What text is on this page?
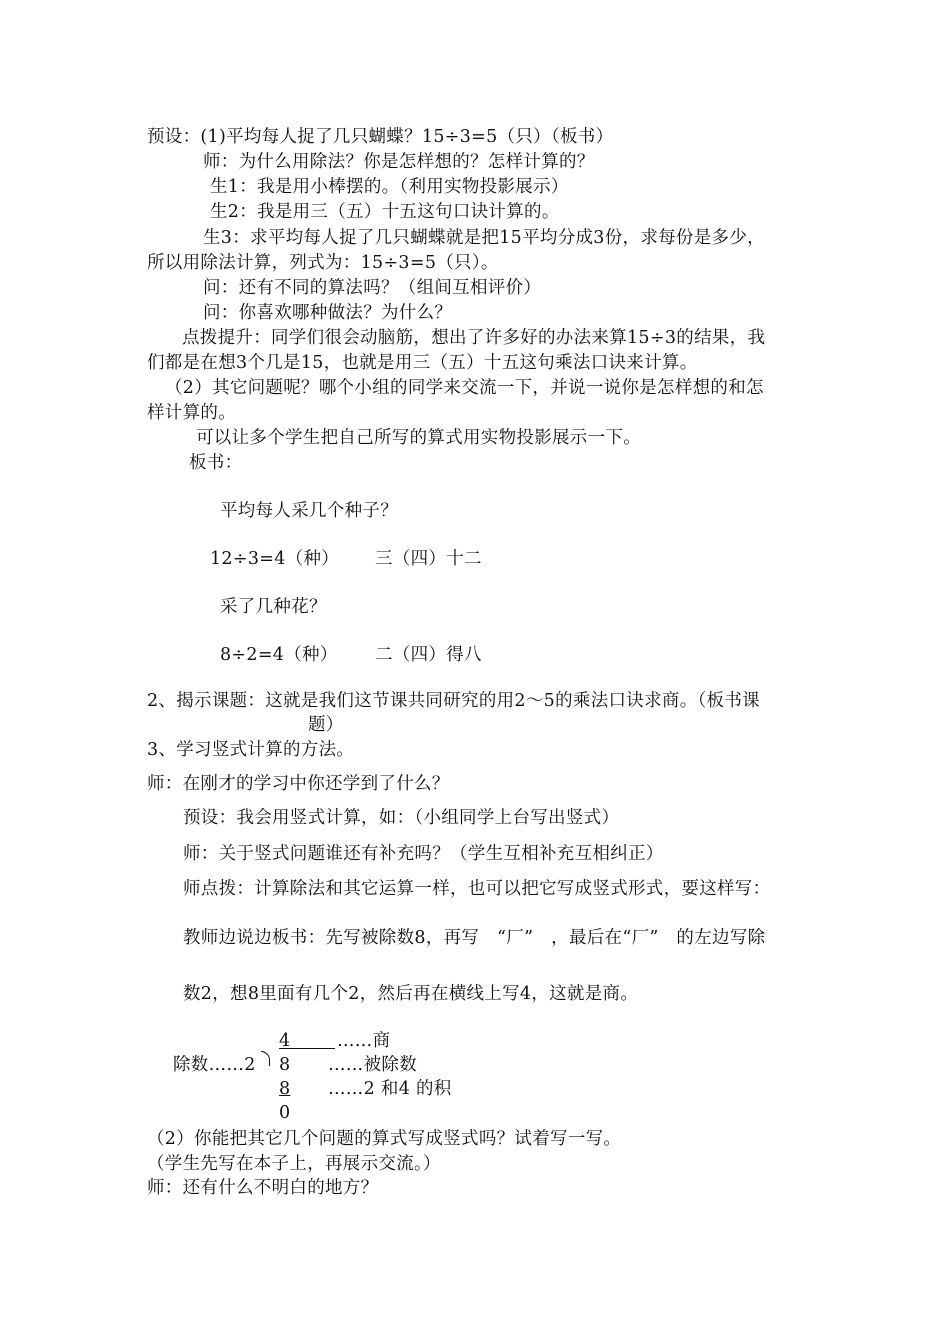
预设：(1)平均每人捉了几只蝴蝶？15÷3=5（只）（板书）
师：为什么用除法？你是怎样想的？怎样计算的？
生1：我是用小棒摆的。（利用实物投影展示）
生2：我是用三（五）十五这句口诀计算的。
生3：求平均每人捉了几只蝴蝶就是把15平均分成3份，求每份是多少，
所以用除法计算，列式为：15÷3=5（只）。
问：还有不同的算法吗？（组间互相评价）
问：你喜欢哪种做法？为什么？
点拨提升：同学们很会动脑筋，想出了许多好的办法来算15÷3的结果，我
们都是在想3个几是15，也就是用三（五）十五这句乘法口诀来计算。
（2）其它问题呢？哪个小组的同学来交流一下，并说一说你是怎样想的和怎
样计算的。
可以让多个学生把自己所写的算式用实物投影展示一下。
板书：
平均每人采几个种子？
12÷3=4（种） 三（四）十二
采了几种花？
8÷2=4（种） 二（四）得八
2、揭示课题：这就是我们这节课共同研究的用2～5的乘法口诀求商。（板书课
题）
3、学习竖式计算的方法。
师：在刚才的学习中你还学到了什么？
预设：我会用竖式计算，如：（小组同学上台写出竖式）
师：关于竖式问题谁还有补充吗？（学生互相补充互相纠正）
师点拨：计算除法和其它运算一样，也可以把它写成竖式形式，要这样写：
教师边说边板书：先写被除数8，再写　“厂”　，最后在“厂”　的左边写除
数2，想8里面有几个2，然后再在横线上写4，这就是商。
4	……商
除数……2 8 ……被除数
8 ……2 和4 的积
0
（2）你能把其它几个问题的算式写成竖式吗？试着写一写。
（学生先写在本子上，再展示交流。）
师：还有什么不明白的地方？
